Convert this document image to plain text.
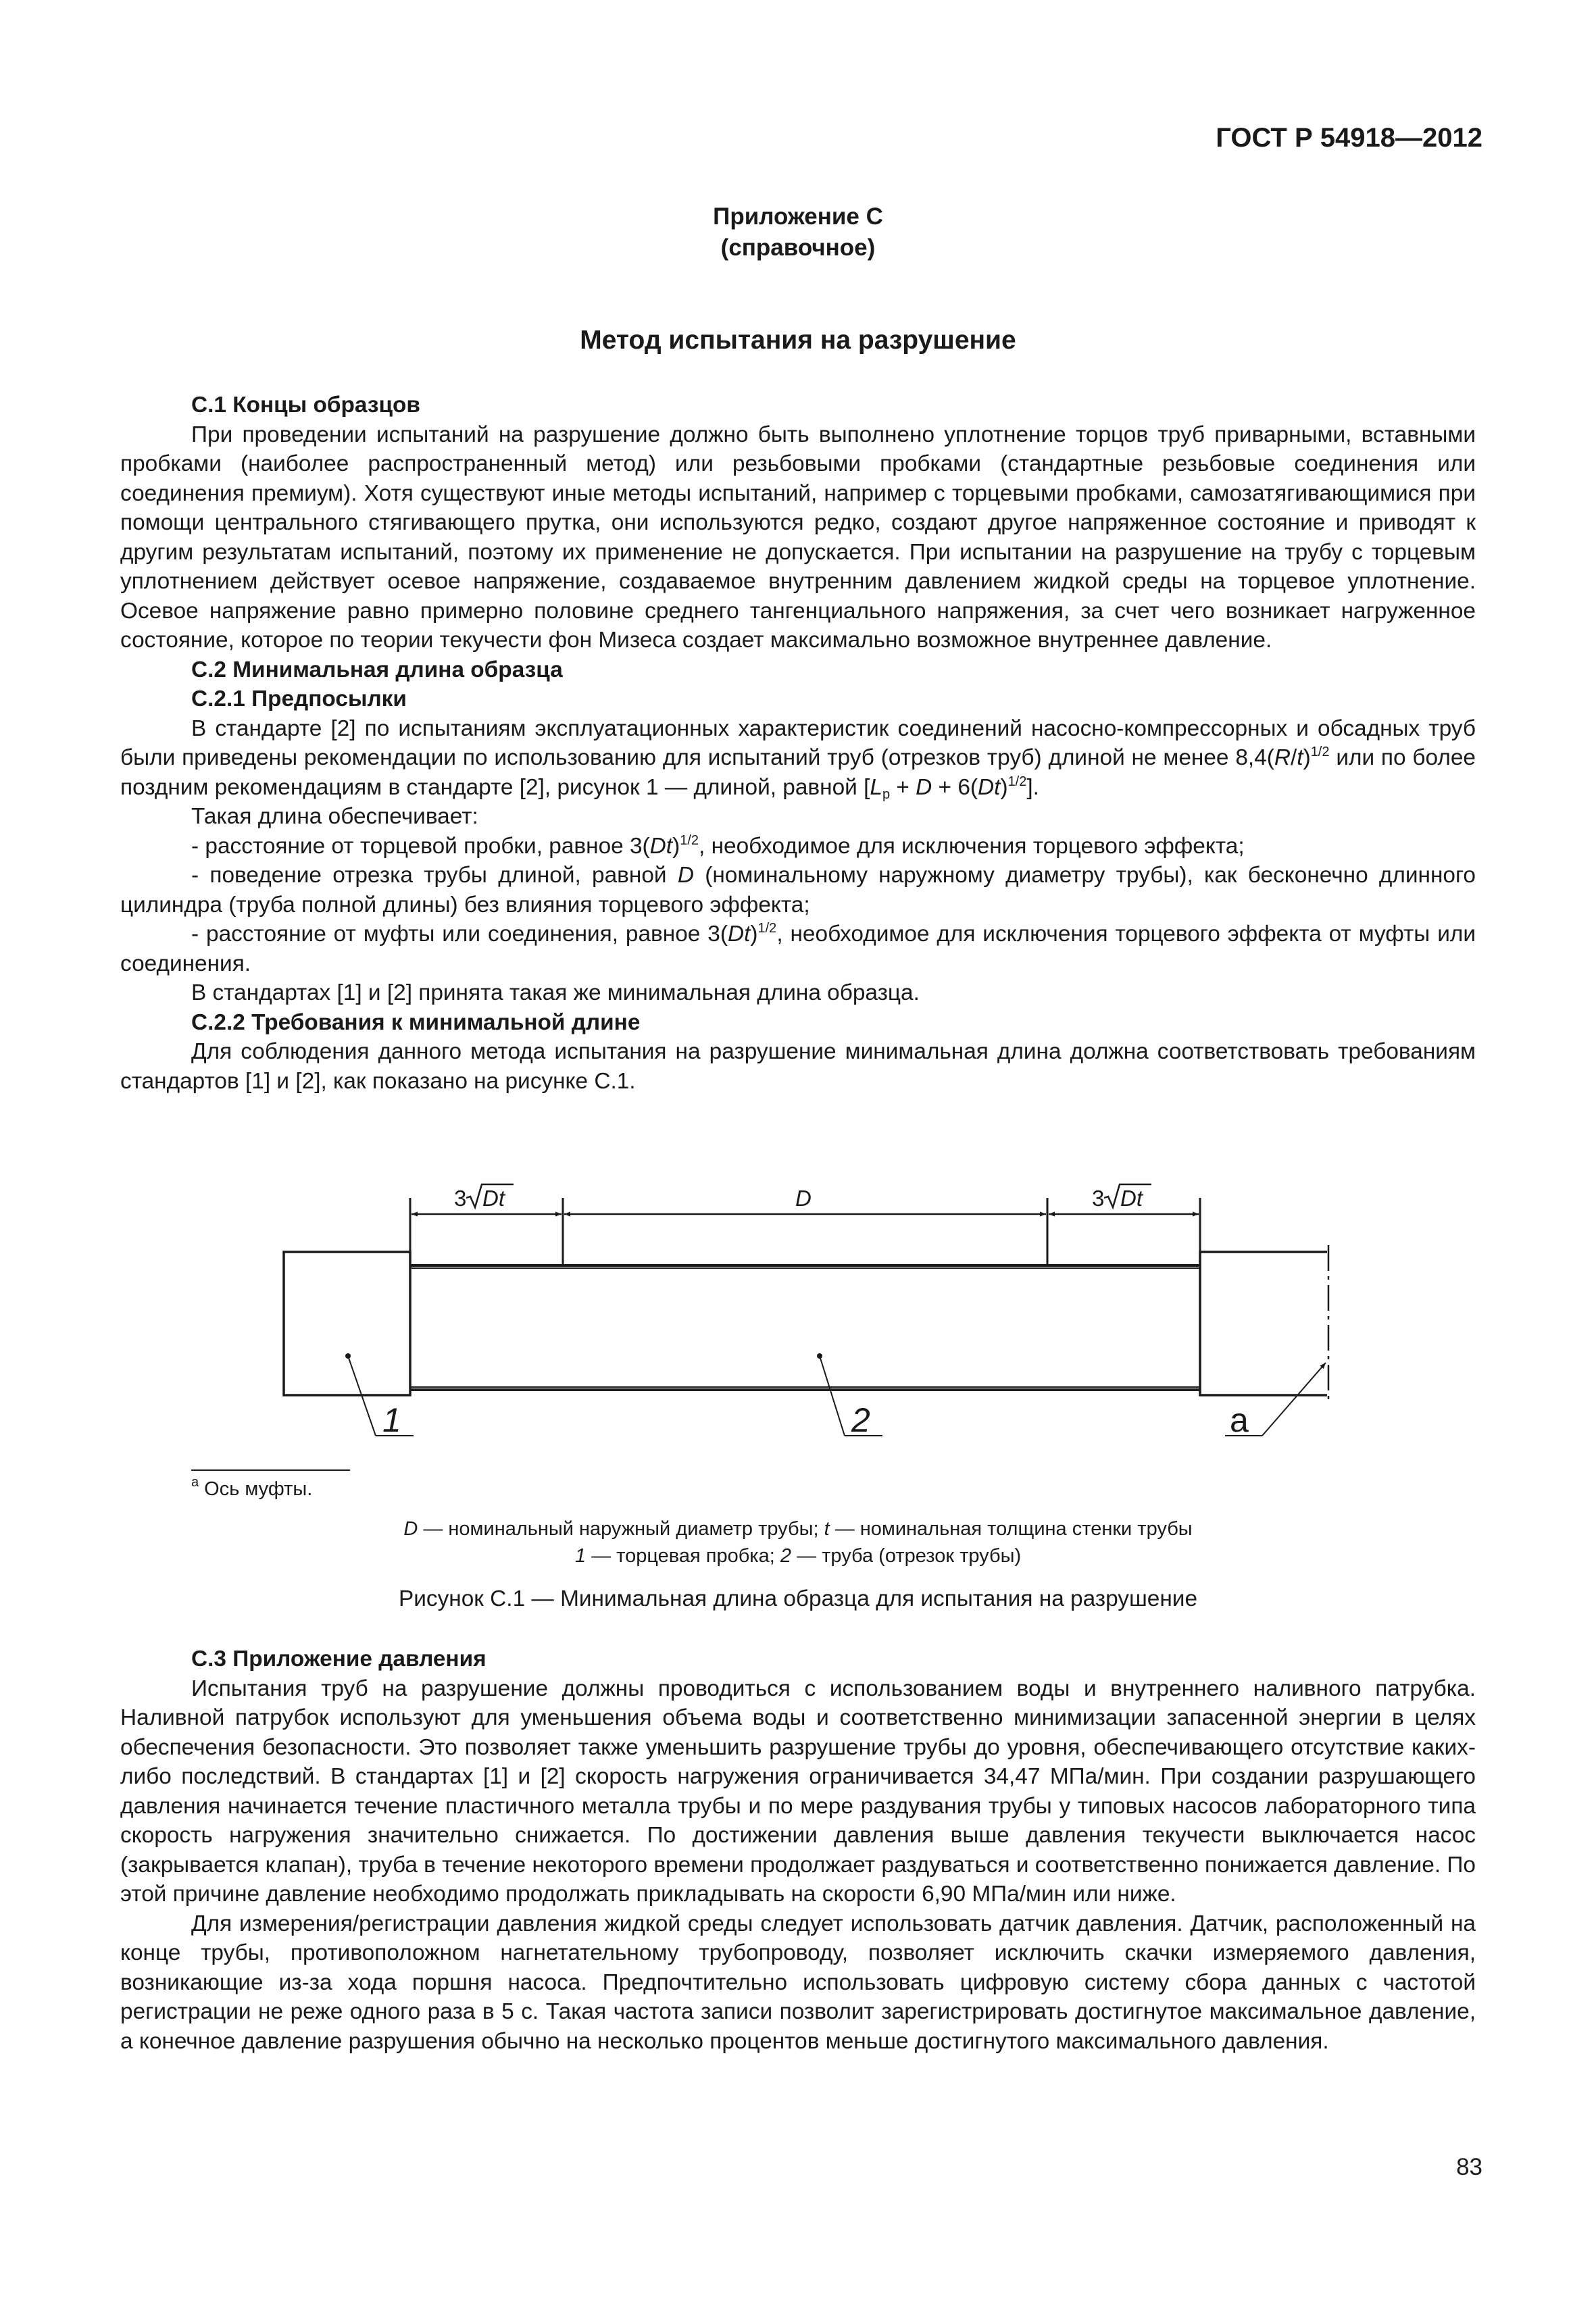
ГОСТ Р 54918—2012
Приложение С
(справочное)
Метод испытания на разрушение

С.1 Концы образцов

При проведении испытаний на разрушение должно быть выполнено уплотнение торцов труб приварными, вставными пробками (наиболее распространенный метод) или резьбовыми пробками (стандартные резьбовые соединения или соединения премиум). Хотя существуют иные методы испытаний, например с торцевыми пробками, самозатягивающимися при помощи центрального стягивающего прутка, они используются редко, создают другое напряженное состояние и приводят к другим результатам испытаний, поэтому их применение не допускается. При испытании на разрушение на трубу с торцевым уплотнением действует осевое напряжение, создаваемое внутренним давлением жидкой среды на торцевое уплотнение. Осевое напряжение равно примерно половине среднего тангенциального напряжения, за счет чего возникает нагруженное состояние, которое по теории текучести фон Мизеса создает максимально возможное внутреннее давление.

С.2 Минимальная длина образца

С.2.1 Предпосылки

В стандарте [2] по испытаниям эксплуатационных характеристик соединений насосно-компрессорных и обсадных труб были приведены рекомендации по использованию для испытаний труб (отрезков труб) длиной не менее $8,4(R/t)^{1/2}$ или по более поздним рекомендациям в стандарте [2], рисунок 1 — длиной, равной $[L_р + D + 6(Dt)^{1/2}]$.

Такая длина обеспечивает:

- расстояние от торцевой пробки, равное $3(Dt)^{1/2}$, необходимое для исключения торцевого эффекта;

- поведение отрезка трубы длиной, равной D (номинальному наружному диаметру трубы), как бесконечно длинного цилиндра (труба полной длины) без влияния торцевого эффекта;

- расстояние от муфты или соединения, равное $3(Dt)^{1/2}$, необходимое для исключения торцевого эффекта от муфты или соединения.

В стандартах [1] и [2] принята такая же минимальная длина образца.

С.2.2 Требования к минимальной длине

Для соблюдения данного метода испытания на разрушение минимальная длина должна соответствовать требованиям стандартов [1] и [2], как показано на рисунке С.1.

3 Dt	D	3 Dt
1	2	а
$^а$ Ось муфты.
D — номинальный наружный диаметр трубы; t — номинальная толщина стенки трубы
1 — торцевая пробка; 2 — труба (отрезок трубы)
Рисунок С.1 — Минимальная длина образца для испытания на разрушение

С.3 Приложение давления

Испытания труб на разрушение должны проводиться с использованием воды и внутреннего наливного патрубка. Наливной патрубок используют для уменьшения объема воды и соответственно минимизации запасенной энергии в целях обеспечения безопасности. Это позволяет также уменьшить разрушение трубы до уровня, обеспечивающего отсутствие каких-либо последствий. В стандартах [1] и [2] скорость нагружения ограничивается 34,47 МПа/мин. При создании разрушающего давления начинается течение пластичного металла трубы и по мере раздувания трубы у типовых насосов лабораторного типа скорость нагружения значительно снижается. По достижении давления выше давления текучести выключается насос (закрывается клапан), труба в течение некоторого времени продолжает раздуваться и соответственно понижается давление. По этой причине давление необходимо продолжать прикладывать на скорости 6,90 МПа/мин или ниже.

Для измерения/регистрации давления жидкой среды следует использовать датчик давления. Датчик, расположенный на конце трубы, противоположном нагнетательному трубопроводу, позволяет исключить скачки измеряемого давления, возникающие из-за хода поршня насоса. Предпочтительно использовать цифровую систему сбора данных с частотой регистрации не реже одного раза в 5 с. Такая частота записи позволит зарегистрировать достигнутое максимальное давление, а конечное давление разрушения обычно на несколько процентов меньше достигнутого максимального давления.

83
